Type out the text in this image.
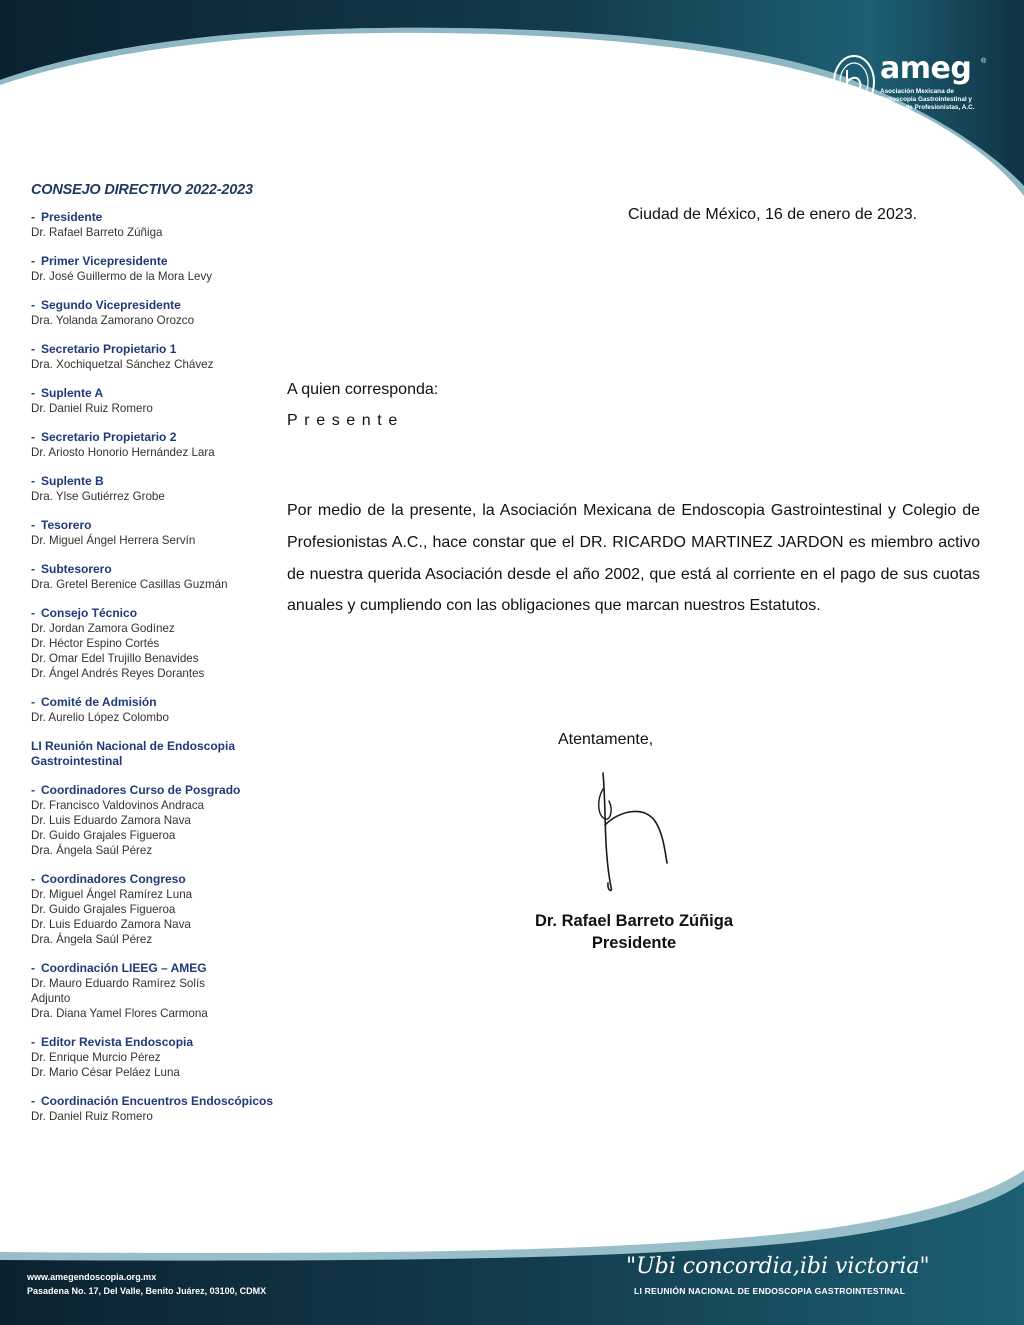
ameg ®
Asociación Mexicana de
Endoscopia Gastrointestinal y
Colegio de Profesionistas, A.C.
CONSEJO DIRECTIVO 2022-2023
- Presidente
Dr. Rafael Barreto Zúñiga
- Primer Vicepresidente
Dr. José Guillermo de la Mora Levy
- Segundo Vicepresidente
Dra. Yolanda Zamorano Orozco
- Secretario Propietario 1
Dra. Xochiquetzal Sánchez Chávez
- Suplente A
Dr. Daniel Ruiz Romero
- Secretario Propietario 2
Dr. Ariosto Honorio Hernández Lara
- Suplente B
Dra. Ylse Gutiérrez Grobe
- Tesorero
Dr. Miguel Ángel Herrera Servín
- Subtesorero
Dra. Gretel Berenice Casillas Guzmán
- Consejo Técnico
Dr. Jordan Zamora Godínez
Dr. Héctor Espino Cortés
Dr. Omar Edel Trujillo Benavides
Dr. Ángel Andrés Reyes Dorantes
- Comité de Admisión
Dr. Aurelio López Colombo
LI Reunión Nacional de Endoscopia Gastrointestinal
- Coordinadores Curso de Posgrado
Dr. Francisco Valdovinos Andraca
Dr. Luis Eduardo Zamora Nava
Dr. Guido Grajales Figueroa
Dra. Ángela Saúl Pérez
- Coordinadores Congreso
Dr. Miguel Ángel Ramírez Luna
Dr. Guido Grajales Figueroa
Dr. Luis Eduardo Zamora Nava
Dra. Ángela Saúl Pérez
- Coordinación LIEEG – AMEG
Dr. Mauro Eduardo Ramírez Solís
Adjunto
Dra. Diana Yamel Flores Carmona
- Editor Revista Endoscopia
Dr. Enrique Murcio Pérez
Dr. Mario César Peláez Luna
- Coordinación Encuentros Endoscópicos
Dr. Daniel Ruiz Romero

Ciudad de México, 16 de enero de 2023.

A quien corresponda:
Presente

Por medio de la presente, la Asociación Mexicana de Endoscopia Gastrointestinal y Colegio de Profesionistas A.C., hace constar que el DR. RICARDO MARTINEZ JARDON es miembro activo de nuestra querida Asociación desde el año 2002, que está al corriente en el pago de sus cuotas anuales y cumpliendo con las obligaciones que marcan nuestros Estatutos.

Atentamente,
Dr. Rafael Barreto Zúñiga
Presidente
www.amegendoscopia.org.mx
Pasadena No. 17, Del Valle, Benito Juárez, 03100, CDMX
"Ubi concordia,ibi victoria"
LI REUNIÓN NACIONAL DE ENDOSCOPIA GASTROINTESTINAL
